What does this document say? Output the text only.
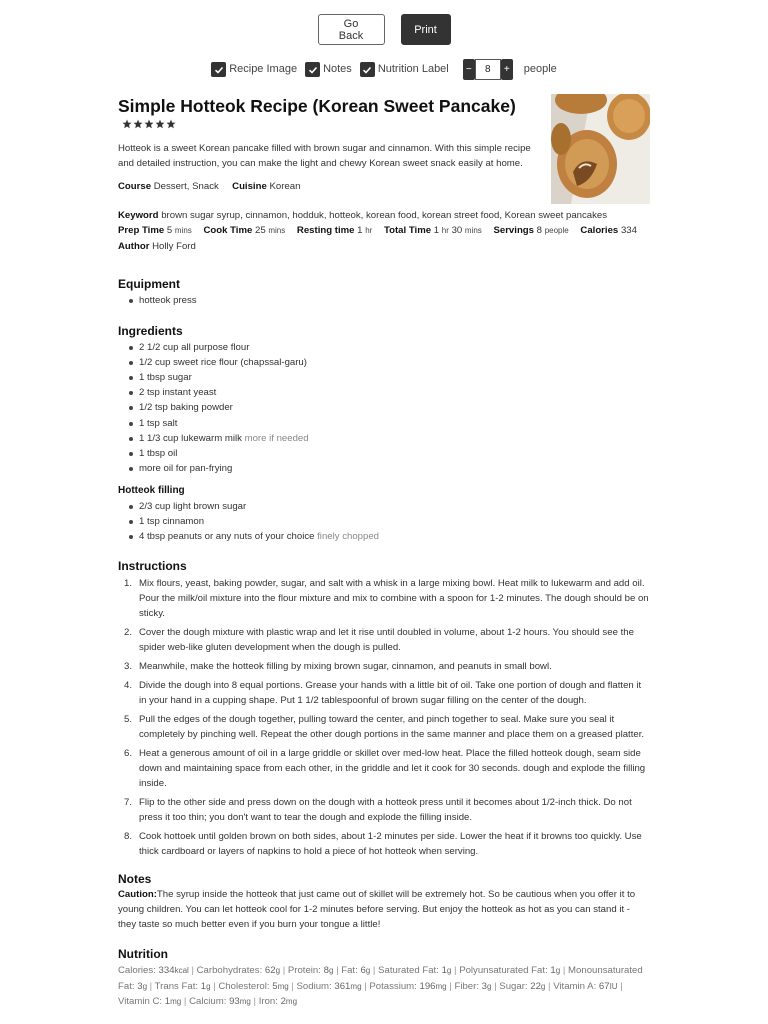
Go Back	Print
Recipe Image Notes Nutrition Label	−
8	+ people
Simple Hotteok Recipe (Korean Sweet Pancake)

Hotteok is a sweet Korean pancake filled with brown sugar and cinnamon. With this simple recipe and detailed instruction, you can make the light and chewy Korean sweet snack easily at home.

Course Dessert, Snack Cuisine Korean
Keyword brown sugar syrup, cinnamon, hodduk, hotteok, korean food, korean street food, Korean sweet pancakes
Prep Time 5 mins Cook Time 25 mins Resting time 1 hr Total Time 1 hr 30 mins Servings 8 people Calories 334
Author Holly Ford
Equipment
hotteok press
Ingredients
2 1/2 cup all purpose flour
1/2 cup sweet rice flour (chapssal-garu)
1 tbsp sugar
2 tsp instant yeast
1/2 tsp baking powder
1 tsp salt
1 1/3 cup lukewarm milk more if needed
1 tbsp oil
more oil for pan-frying
Hotteok filling
2/3 cup light brown sugar
1 tsp cinnamon
4 tbsp peanuts or any nuts of your choice finely chopped
Instructions
1. Mix flours, yeast, baking powder, sugar, and salt with a whisk in a large mixing bowl. Heat milk to lukewarm and add oil. Pour the milk/oil mixture into the flour mixture and mix to combine with a spoon for 1-2 minutes. The dough should be on sticky.
2. Cover the dough mixture with plastic wrap and let it rise until doubled in volume, about 1-2 hours. You should see the spider web-like gluten development when the dough is pulled.
3. Meanwhile, make the hotteok filling by mixing brown sugar, cinnamon, and peanuts in small bowl.
4. Divide the dough into 8 equal portions. Grease your hands with a little bit of oil. Take one portion of dough and flatten it in your hand in a cupping shape. Put 1 1/2 tablespoonful of brown sugar filling on the center of the dough.
5. Pull the edges of the dough together, pulling toward the center, and pinch together to seal. Make sure you seal it completely by pinching well. Repeat the other dough portions in the same manner and place them on a greased platter.
6. Heat a generous amount of oil in a large griddle or skillet over med-low heat. Place the filled hotteok dough, seam side down and maintaining space from each other, in the griddle and let it cook for 30 seconds. dough and explode the filling inside.
7. Flip to the other side and press down on the dough with a hotteok press until it becomes about 1/2-inch thick. Do not press it too thin; you don't want to tear the dough and explode the filling inside.
8. Cook hottoek until golden brown on both sides, about 1-2 minutes per side. Lower the heat if it browns too quickly. Use thick cardboard or layers of napkins to hold a piece of hot hotteok when serving.
Notes

Caution:The syrup inside the hotteok that just came out of skillet will be extremely hot. So be cautious when you offer it to young children. You can let hotteok cool for 1-2 minutes before serving. But enjoy the hotteok as hot as you can stand it - they taste so much better even if you burn your tongue a little!

Nutrition

Calories: 334kcal | Carbohydrates: 62g | Protein: 8g | Fat: 6g | Saturated Fat: 1g | Polyunsaturated Fat: 1g | Monounsaturated Fat: 3g | Trans Fat: 1g | Cholesterol: 5mg | Sodium: 361mg | Potassium: 196mg | Fiber: 3g | Sugar: 22g | Vitamin A: 67IU | Vitamin C: 1mg | Calcium: 93mg | Iron: 2mg
